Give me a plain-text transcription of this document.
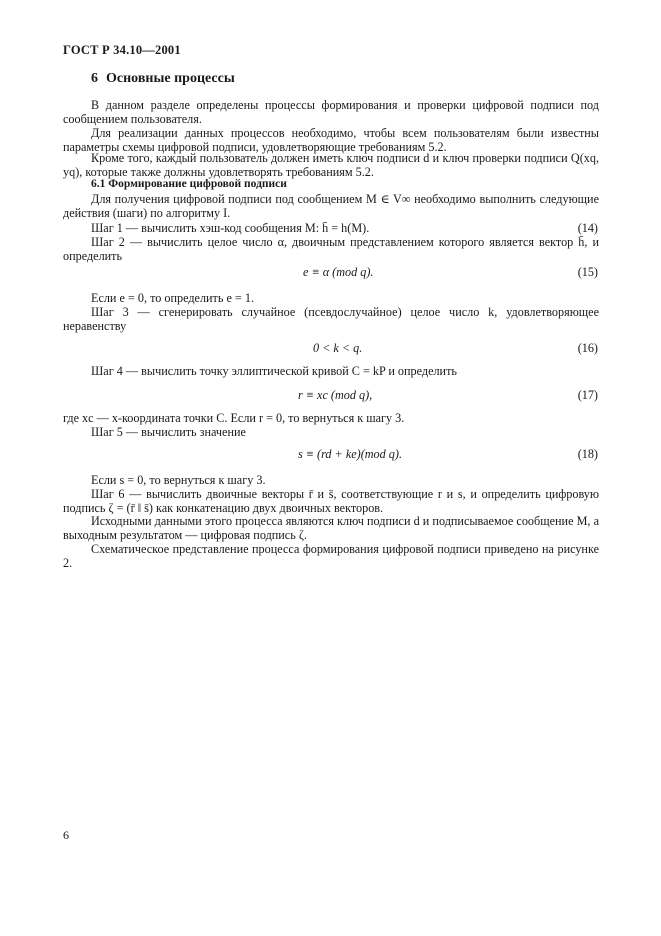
ГОСТ Р 34.10—2001
6 Основные процессы
В данном разделе определены процессы формирования и проверки цифровой подписи под сообщением пользователя.
Для реализации данных процессов необходимо, чтобы всем пользователям были известны параметры схемы цифровой подписи, удовлетворяющие требованиям 5.2.
Кроме того, каждый пользователь должен иметь ключ подписи d и ключ проверки подписи Q(xq, yq), которые также должны удовлетворять требованиям 5.2.
6.1 Формирование цифровой подписи
Для получения цифровой подписи под сообщением M ∈ V∞ необходимо выполнить следующие действия (шаги) по алгоритму I.
Шаг 1 — вычислить хэш-код сообщения M: h̄ = h(M).	(14)
Шаг 2 — вычислить целое число α, двоичным представлением которого является вектор h̄, и определить
e ≡ α (mod q).	(15)
Если e = 0, то определить e = 1.
Шаг 3 — сгенерировать случайное (псевдослучайное) целое число k, удовлетворяющее неравенству
0 < k < q.	(16)
Шаг 4 — вычислить точку эллиптической кривой C = kP и определить
r ≡ xc (mod q),	(17)
где xc — x-координата точки C. Если r = 0, то вернуться к шагу 3.
Шаг 5 — вычислить значение
s ≡ (rd + ke)(mod q).	(18)
Если s = 0, то вернуться к шагу 3.
Шаг 6 — вычислить двоичные векторы r̄ и s̄, соответствующие r и s, и определить цифровую подпись ζ = (r̄ ‖ s̄) как конкатенацию двух двоичных векторов.
Исходными данными этого процесса являются ключ подписи d и подписываемое сообщение M, а выходным результатом — цифровая подпись ζ.
Схематическое представление процесса формирования цифровой подписи приведено на рисунке 2.
6
